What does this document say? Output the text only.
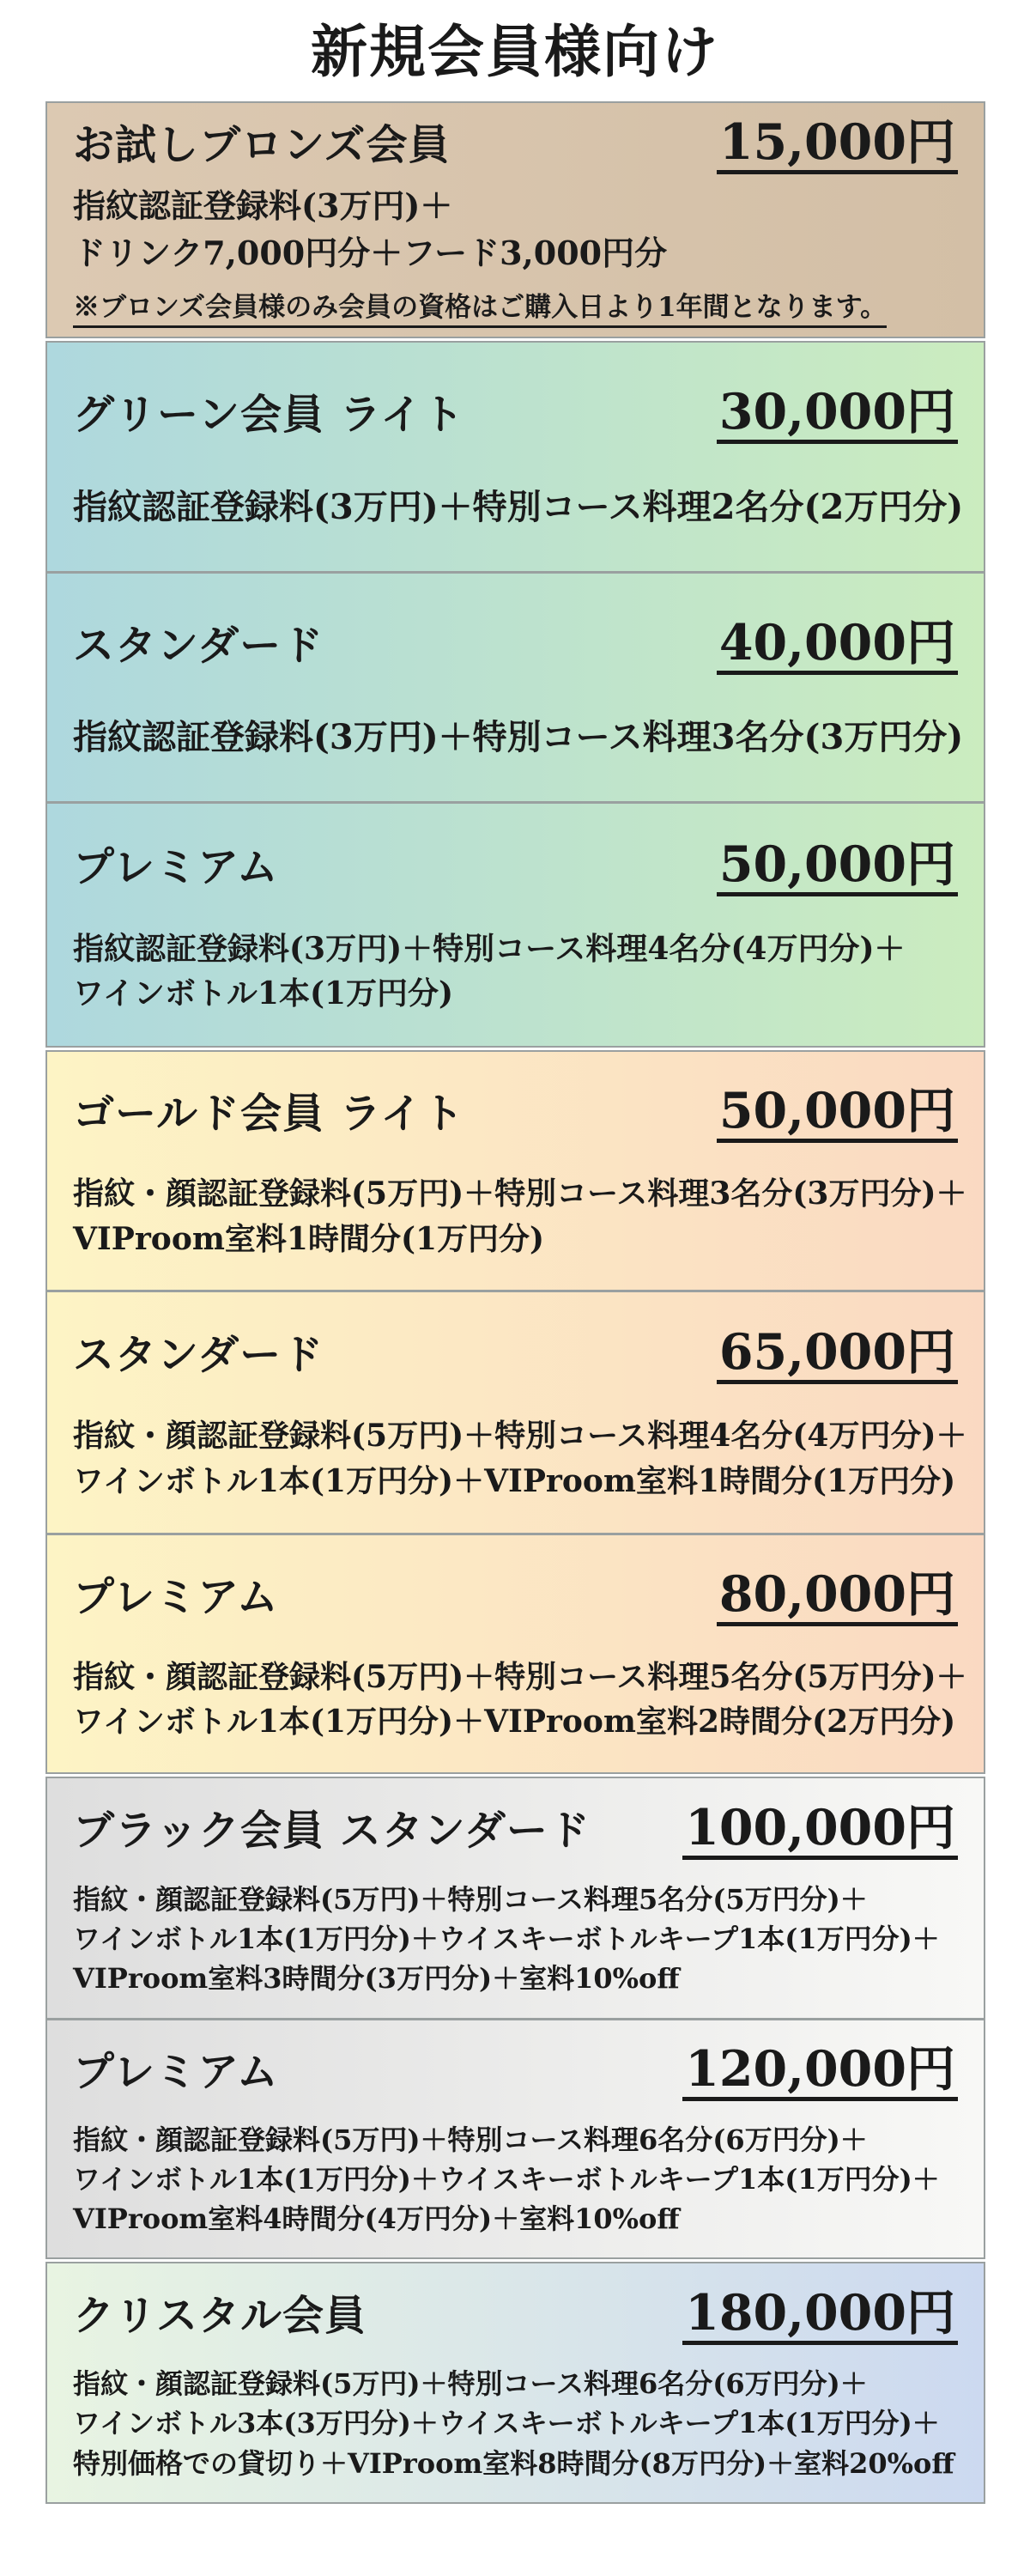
新規会員様向け
お試しブロンズ会員	15,000円
指紋認証登録料(3万円)＋
ドリンク7,000円分＋フード3,000円分
※ブロンズ会員様のみ会員の資格はご購入日より1年間となります。
グリーン会員 ライト	30,000円
指紋認証登録料(3万円)＋特別コース料理2名分(2万円分)
スタンダード	40,000円
指紋認証登録料(3万円)＋特別コース料理3名分(3万円分)
プレミアム	50,000円
指紋認証登録料(3万円)＋特別コース料理4名分(4万円分)＋
ワインボトル1本(1万円分)
ゴールド会員 ライト	50,000円
指紋・顔認証登録料(5万円)＋特別コース料理3名分(3万円分)＋
VIProom室料1時間分(1万円分)
スタンダード	65,000円
指紋・顔認証登録料(5万円)＋特別コース料理4名分(4万円分)＋
ワインボトル1本(1万円分)＋VIProom室料1時間分(1万円分)
プレミアム	80,000円
指紋・顔認証登録料(5万円)＋特別コース料理5名分(5万円分)＋
ワインボトル1本(1万円分)＋VIProom室料2時間分(2万円分)
ブラック会員 スタンダード 100,000円
指紋・顔認証登録料(5万円)＋特別コース料理5名分(5万円分)＋
ワインボトル1本(1万円分)＋ウイスキーボトルキープ1本(1万円分)＋
VIProom室料3時間分(3万円分)＋室料10%off
プレミアム	120,000円
指紋・顔認証登録料(5万円)＋特別コース料理6名分(6万円分)＋
ワインボトル1本(1万円分)＋ウイスキーボトルキープ1本(1万円分)＋
VIProom室料4時間分(4万円分)＋室料10%off
クリスタル会員	180,000円
指紋・顔認証登録料(5万円)＋特別コース料理6名分(6万円分)＋
ワインボトル3本(3万円分)＋ウイスキーボトルキープ1本(1万円分)＋
特別価格での貸切り＋VIProom室料8時間分(8万円分)＋室料20%off
